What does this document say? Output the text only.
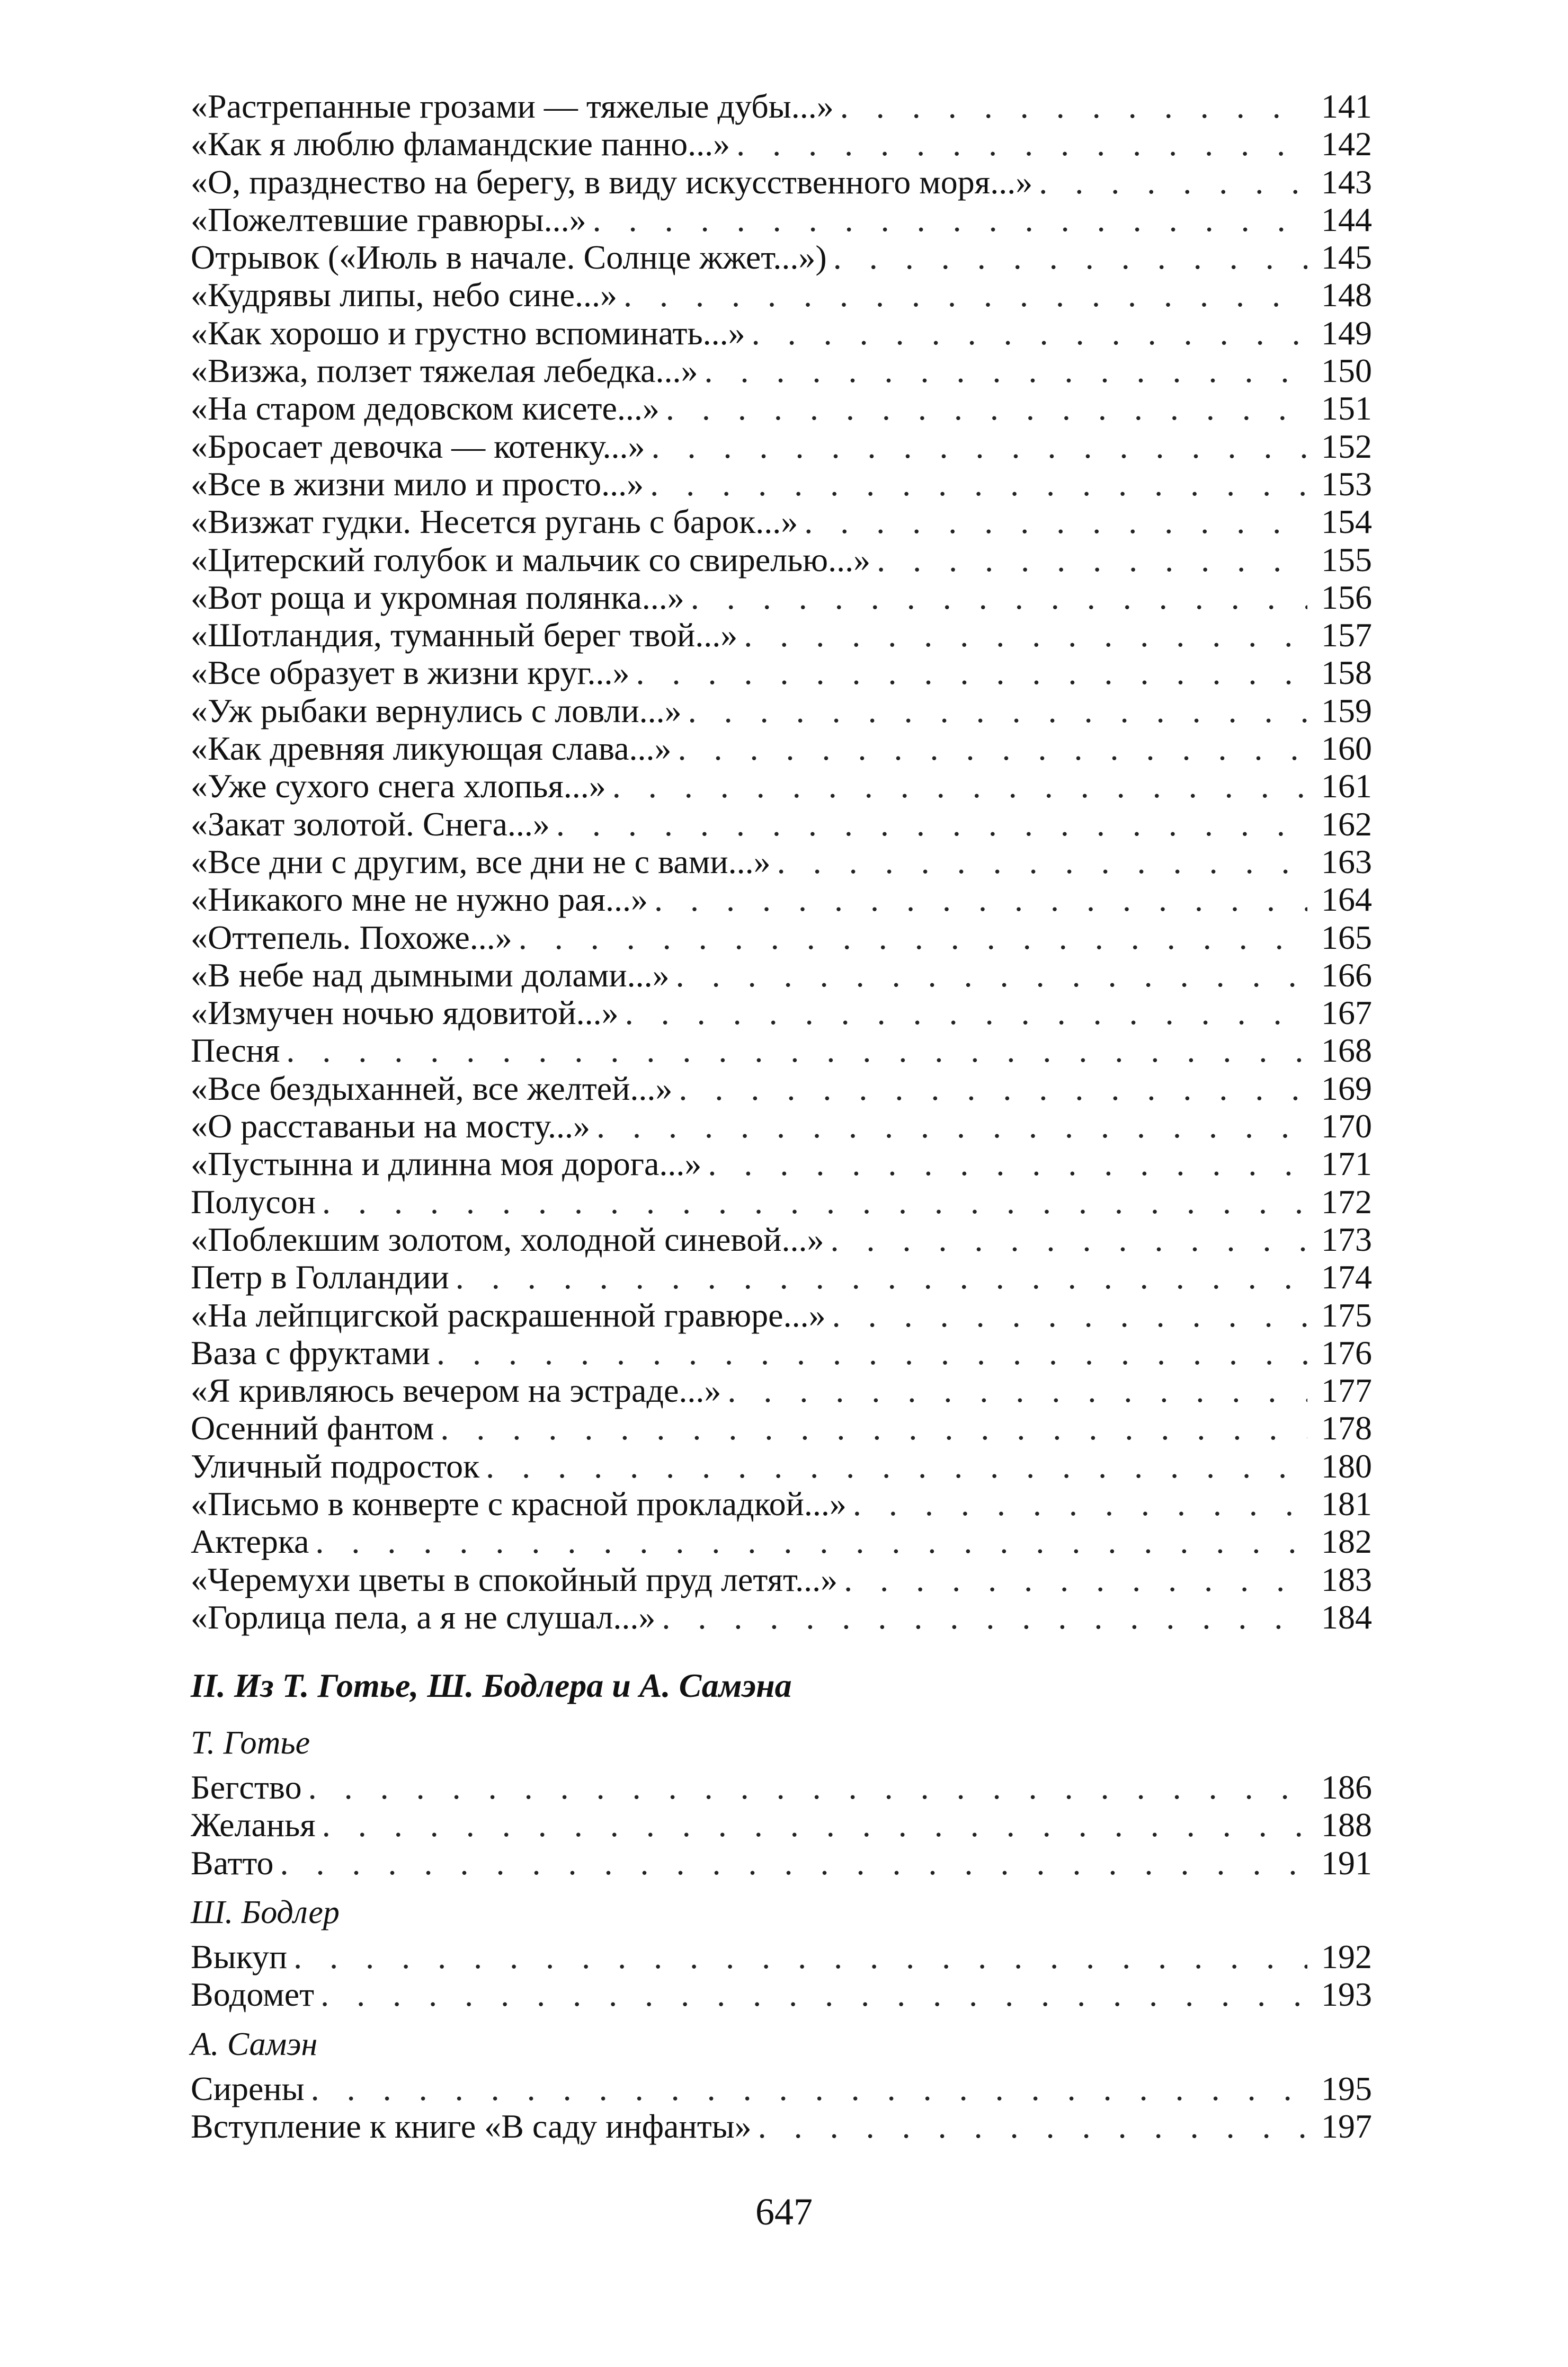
«Растрепанные грозами — тяжелые дубы...» . . .	141
«Как я люблю фламандские панно...» . . .	142
«О, празднество на берегу, в виду искусственного моря...» . . .	143
«Пожелтевшие гравюры...» . . .	144
Отрывок («Июль в начале. Солнце жжет...») . . .	145
«Кудрявы липы, небо сине...» . . .	148
«Как хорошо и грустно вспоминать...» . . .	149
«Визжа, ползет тяжелая лебедка...» . . .	150
«На старом дедовском кисете...» . . .	151
«Бросает девочка — котенку...» . . .	152
«Все в жизни мило и просто...» . . .	153
«Визжат гудки. Несется ругань с барок...» . . .	154
«Цитерский голубок и мальчик со свирелью...» . . .	155
«Вот роща и укромная полянка...» . . .	156
«Шотландия, туманный берег твой...» . . .	157
«Все образует в жизни круг...» . . .	158
«Уж рыбаки вернулись с ловли...» . . .	159
«Как древняя ликующая слава...» . . .	160
«Уже сухого снега хлопья...» . . .	161
«Закат золотой. Снега...» . . .	162
«Все дни с другим, все дни не с вами...» . . .	163
«Никакого мне не нужно рая...» . . .	164
«Оттепель. Похоже...» . . .	165
«В небе над дымными долами...» . . .	166
«Измучен ночью ядовитой...» . . .	167
Песня . . .	168
«Все бездыханней, все желтей...» . . .	169
«О расставаньи на мосту...» . . .	170
«Пустынна и длинна моя дорога...» . . .	171
Полусон . . .	172
«Поблекшим золотом, холодной синевой...» . . .	173
Петр в Голландии . . .	174
«На лейпцигской раскрашенной гравюре...» . . .	175
Ваза с фруктами . . .	176
«Я кривляюсь вечером на эстраде...» . . .	177
Осенний фантом . . .	178
Уличный подросток . . .	180
«Письмо в конверте с красной прокладкой...» . . .	181
Актерка . . .	182
«Черемухи цветы в спокойный пруд летят...» . . .	183
«Горлица пела, а я не слушал...» . . .	184
II. Из Т. Готье, Ш. Бодлера и А. Самэна
Т. Готье
Бегство . . .	186
Желанья . . .	188
Ватто . . .	191
Ш. Бодлер
Выкуп . . .	192
Водомет . . .	193
А. Самэн
Сирены . . .	195
Вступление к книге «В саду инфанты» . . .	197
647
